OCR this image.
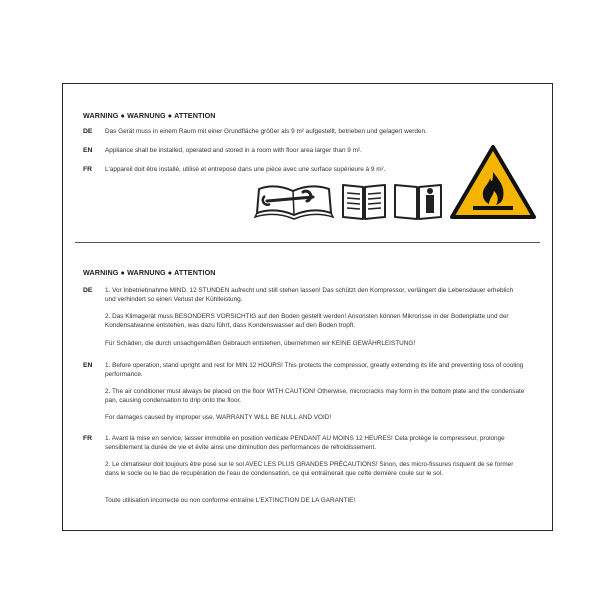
WARNING ● WARNUNG ● ATTENTION
DE	Das Gerät muss in einem Raum mit einer Grundfläche größer als 9 m² aufgestellt, betrieben und gelagert werden.
EN	Appliance shall be installed, operated and stored in a room with floor area larger than 9 m².
FR	L'appareil doit être installé, utilisé et entreposé dans une pièce avec une surface supérieure à 9 m².
WARNING ● WARNUNG ● ATTENTION
DE	1. Vor Inbetriebnahme MIND. 12 STUNDEN aufrecht und still stehen lassen! Das schützt den Kompressor, verlängert die Lebensdauer erheblich und verhindert so einen Verlust der Kühlleistung.
2. Das Klimagerät muss BESONDERS VORSICHTIG auf den Boden gestellt werden! Ansonsten können Mikrorisse in der Bodenplatte und der Kondensatwanne entstehen, was dazu führt, dass Kondenswasser auf den Boden tropft.
Für Schäden, die durch unsachgemäßen Gebrauch entstehen, übernehmen wir KEINE GEWÄHRLEISTUNG!
EN	1. Before operation, stand upright and rest for MIN 12 HOURS! This protects the compressor, greatly extending its life and preventing loss of cooling performance.
2. The air conditioner must always be placed on the floor WITH CAUTION! Otherwise, microcracks may form in the bottom plate and the condensate pan, causing condensation to drip onto the floor.
For damages caused by improper use, WARRANTY WILL BE NULL AND VOID!
FR	1. Avant la mise en service, laisser immobile en position verticale PENDANT AU MOINS 12 HEURES! Cela protège le compresseur, prolonge sensiblement la durée de vie et évite ainsi une diminution des performances de refroidissement.
2. Le climatiseur doit toujours être posé sur le sol AVEC LES PLUS GRANDES PRÉCAUTIONS! Sinon, des micro-fissures risquent de se former dans le socle ou le bac de récupération de l'eau de condensation, ce qui entraînerait que cette dernière coule sur le sol.
Toute utilisation incorrecte ou non conforme entraîne L'EXTINCTION DE LA GARANTIE!
